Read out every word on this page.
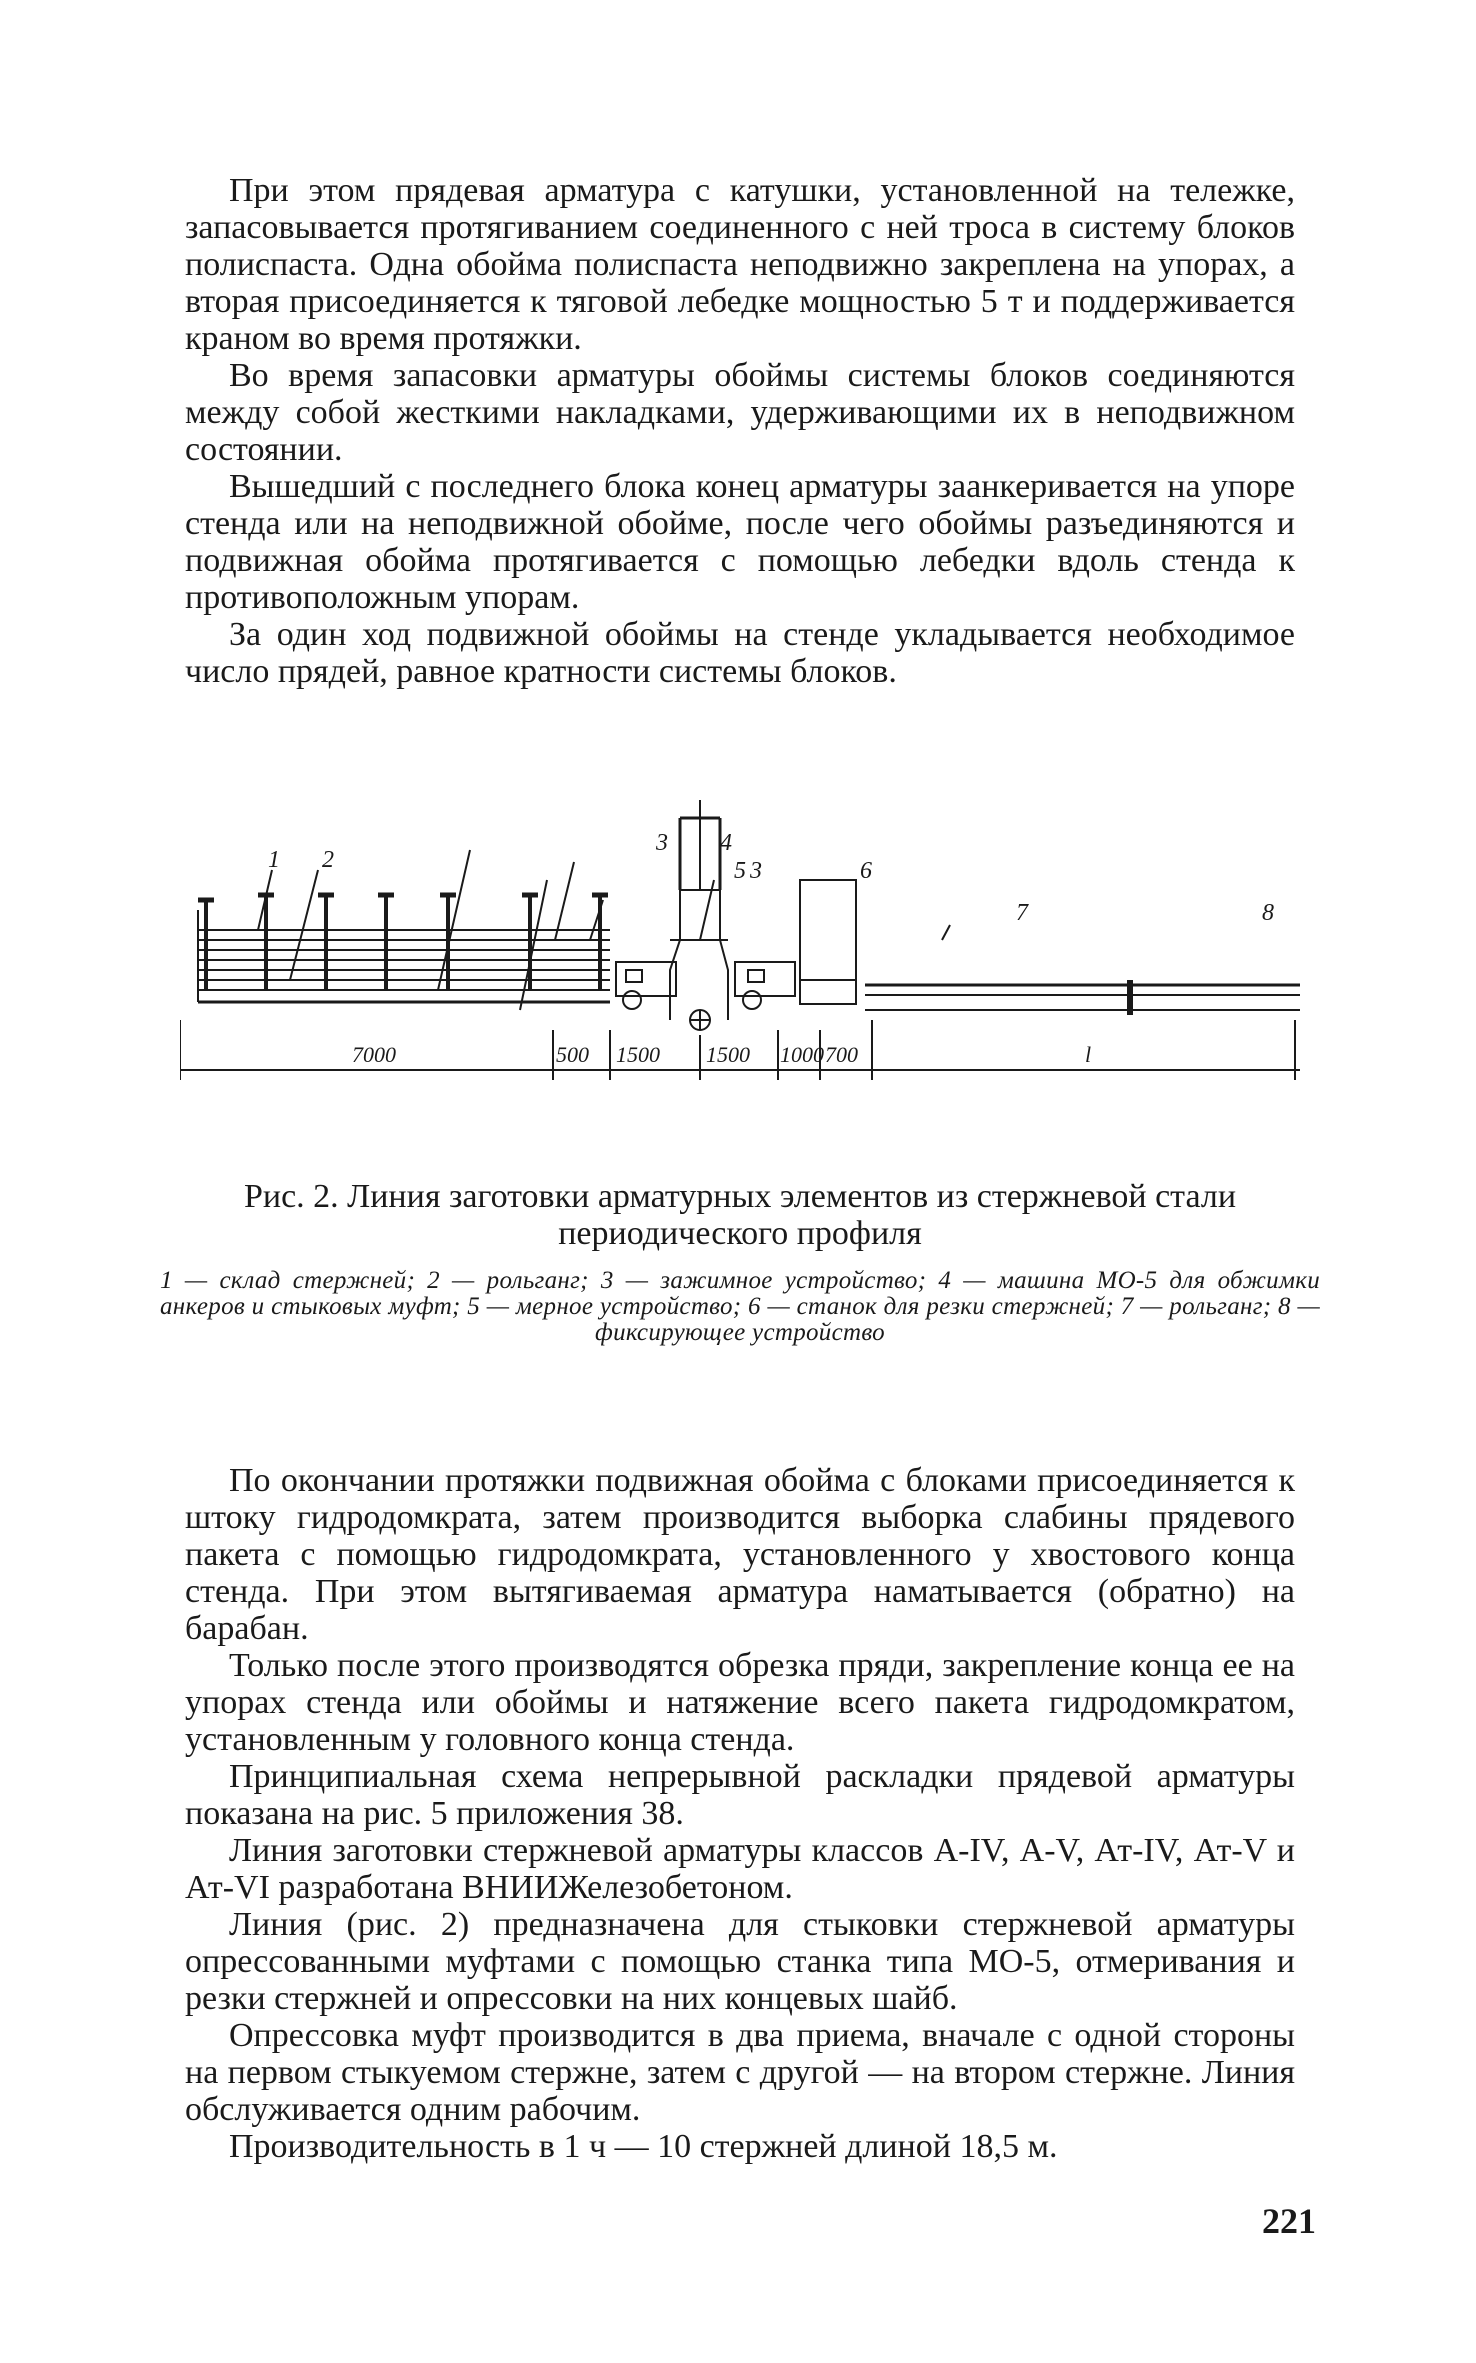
При этом прядевая арматура с катушки, установленной на тележке, запасовывается протягиванием соединенного с ней троса в систему блоков полиспаста. Одна обойма полиспаста неподвижно закреплена на упорах, а вторая присоединяется к тяговой лебедке мощностью 5 т и поддерживается краном во время протяжки.

Во время запасовки арматуры обоймы системы блоков соединяются между собой жесткими накладками, удерживающими их в неподвижном состоянии.

Вышедший с последнего блока конец арматуры заанкеривается на упоре стенда или на неподвижной обойме, после чего обоймы разъединяются и подвижная обойма протягивается с помощью лебедки вдоль стенда к противоположным упорам.

За один ход подвижной обоймы на стенде укладывается необходимое число прядей, равное кратности системы блоков.

1 2
3 4
5 3	6
7	8
7000	500 1500 1500 1000 700	l
Рис. 2. Линия заготовки арматурных элементов из стержневой стали периодического профиля
1 — склад стержней; 2 — рольганг; 3 — зажимное устройство; 4 — машина МО-5 для обжимки анкеров и стыковых муфт; 5 — мерное устройство; 6 — станок для резки стержней; 7 — рольганг; 8 — фиксирующее устройство

По окончании протяжки подвижная обойма с блоками присоединяется к штоку гидродомкрата, затем производится выборка слабины прядевого пакета с помощью гидродомкрата, установленного у хвостового конца стенда. При этом вытягиваемая арматура наматывается (обратно) на барабан.

Только после этого производятся обрезка пряди, закрепление конца ее на упорах стенда или обоймы и натяжение всего пакета гидродомкратом, установленным у головного конца стенда.

Принципиальная схема непрерывной раскладки прядевой арматуры показана на рис. 5 приложения 38.

Линия заготовки стержневой арматуры классов А-IV, А-V, Ат-IV, Ат-V и Ат-VI разработана ВНИИЖелезобетоном.

Линия (рис. 2) предназначена для стыковки стержневой арматуры опрессованными муфтами с помощью станка типа МО-5, отмеривания и резки стержней и опрессовки на них концевых шайб.

Опрессовка муфт производится в два приема, вначале с одной стороны на первом стыкуемом стержне, затем с другой — на втором стержне. Линия обслуживается одним рабочим.

Производительность в 1 ч — 10 стержней длиной 18,5 м.

221
